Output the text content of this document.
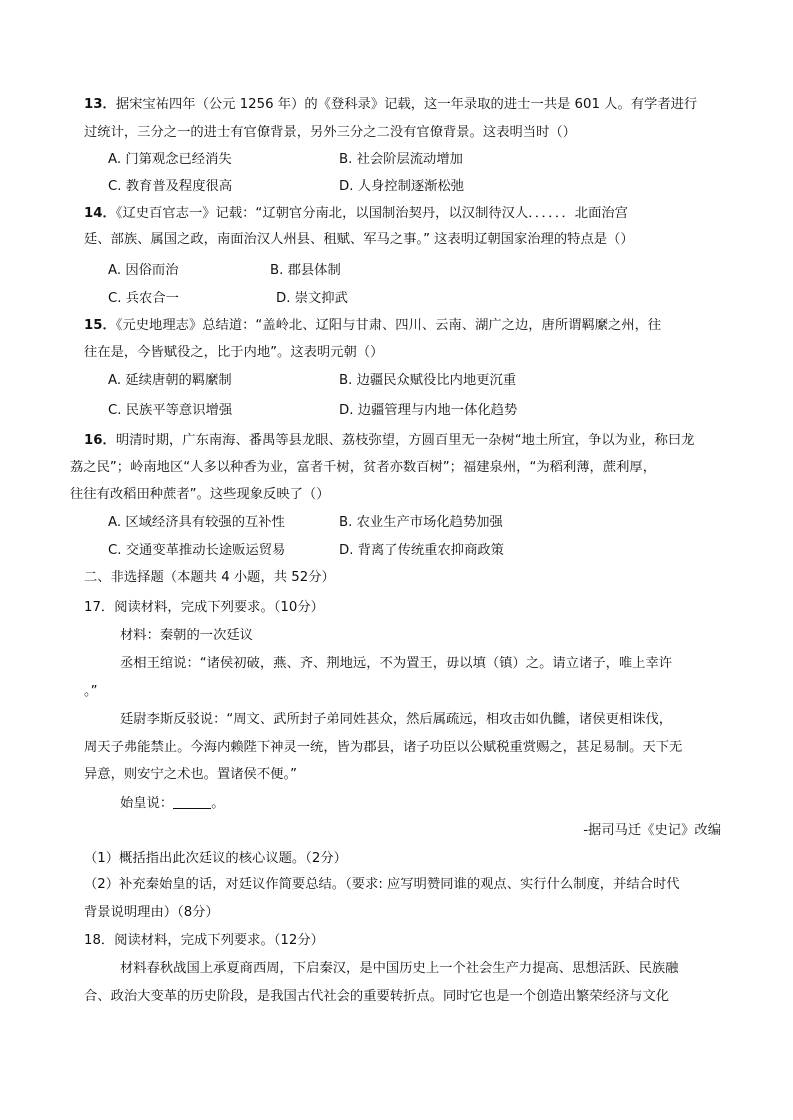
13．据宋宝祐四年（公元 1256 年）的《登科录》记载，这一年录取的进士一共是 601 人。有学者进行
过统计，三分之一的进士有官僚背景，另外三分之二没有官僚背景。这表明当时（）
A. 门第观念已经消失	B. 社会阶层流动增加
C. 教育普及程度很高	D. 人身控制逐渐松弛
14．《辽史百官志一》记载：“辽朝官分南北，以国制治契丹，以汉制待汉人．．．．．．北面治宫
廷、部族、属国之政，南面治汉人州县、租赋、军马之事。” 这表明辽朝国家治理的特点是（）
A. 因俗而治	B. 郡县体制
C. 兵农合一	D. 崇文抑武
15．《元史地理志》总结道：“盖岭北、辽阳与甘肃、四川、云南、湖广之边，唐所谓羁縻之州，往
往在是，今皆赋役之，比于内地”。这表明元朝（）
A. 延续唐朝的羁縻制	B. 边疆民众赋役比内地更沉重
C. 民族平等意识增强	D. 边疆管理与内地一体化趋势
16．明清时期，广东南海、番禺等县龙眼、荔枝弥望，方圆百里无一杂树“地土所宜，争以为业，称曰龙
荔之民”；岭南地区“人多以种香为业，富者千树，贫者亦数百树”；福建泉州，“为稻利薄，蔗利厚，
往往有改稻田种蔗者”。这些现象反映了（）
A. 区域经济具有较强的互补性	B. 农业生产市场化趋势加强
C. 交通变革推动长途贩运贸易	D. 背离了传统重农抑商政策
二、非选择题（本题共 4 小题，共 52分）
17．阅读材料，完成下列要求。（10分）
材料：秦朝的一次廷议
丞相王绾说：“诸侯初破，燕、齐、荆地远，不为置王，毋以填（镇）之。请立诸子，唯上幸许
。”
廷尉李斯反驳说：“周文、武所封子弟同姓甚众，然后属疏远，相攻击如仇雠，诸侯更相诛伐，
周天子弗能禁止。今海内赖陛下神灵一统，皆为郡县，诸子功臣以公赋税重赏赐之，甚足易制。天下无
异意，则安宁之术也。置诸侯不便。”
始皇说：	。
-据司马迁《史记》改编
（1）概括指出此次廷议的核心议题。（2分）
（2）补充秦始皇的话，对廷议作简要总结。（要求: 应写明赞同谁的观点、实行什么制度，并结合时代
背景说明理由）（8分）
18．阅读材料，完成下列要求。（12分）
材料春秋战国上承夏商西周，下启秦汉，是中国历史上一个社会生产力提高、思想活跃、民族融
合、政治大变革的历史阶段，是我国古代社会的重要转折点。同时它也是一个创造出繁荣经济与文化
